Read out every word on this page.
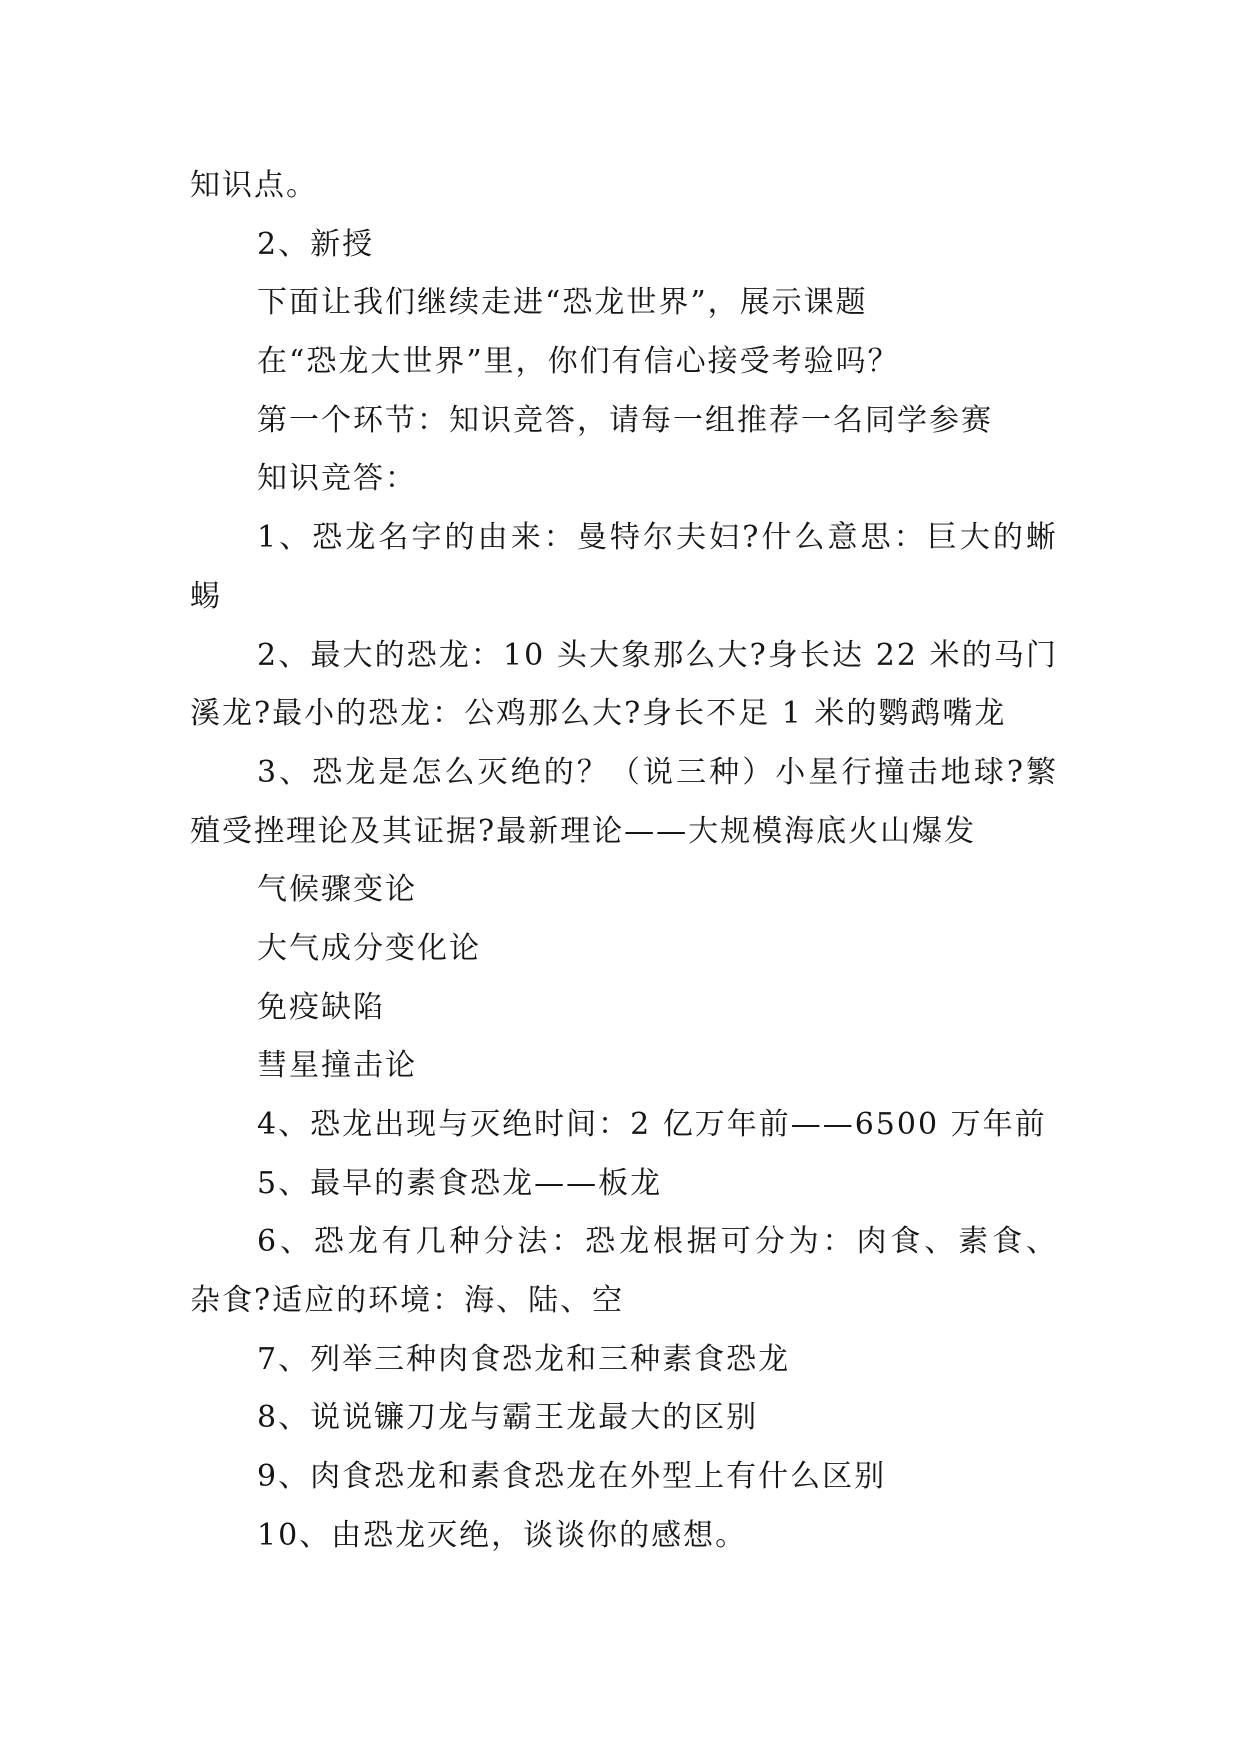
知识点。
2、新授
下面让我们继续走进“恐龙世界”，展示课题
在“恐龙大世界”里，你们有信心接受考验吗？
第一个环节：知识竞答，请每一组推荐一名同学参赛
知识竞答：
1、恐龙名字的由来：曼特尔夫妇?什么意思：巨大的蜥
蜴
2、最大的恐龙：10 头大象那么大?身长达 22 米的马门
溪龙?最小的恐龙：公鸡那么大?身长不足 1 米的鹦鹉嘴龙
3、恐龙是怎么灭绝的？（说三种）小星行撞击地球?繁
殖受挫理论及其证据?最新理论——大规模海底火山爆发
气候骤变论
大气成分变化论
免疫缺陷
彗星撞击论
4、恐龙出现与灭绝时间：2 亿万年前——6500 万年前
5、最早的素食恐龙——板龙
6、恐龙有几种分法：恐龙根据可分为：肉食、素食、
杂食?适应的环境：海、陆、空
7、列举三种肉食恐龙和三种素食恐龙
8、说说镰刀龙与霸王龙最大的区别
9、肉食恐龙和素食恐龙在外型上有什么区别
10、由恐龙灭绝，谈谈你的感想。
